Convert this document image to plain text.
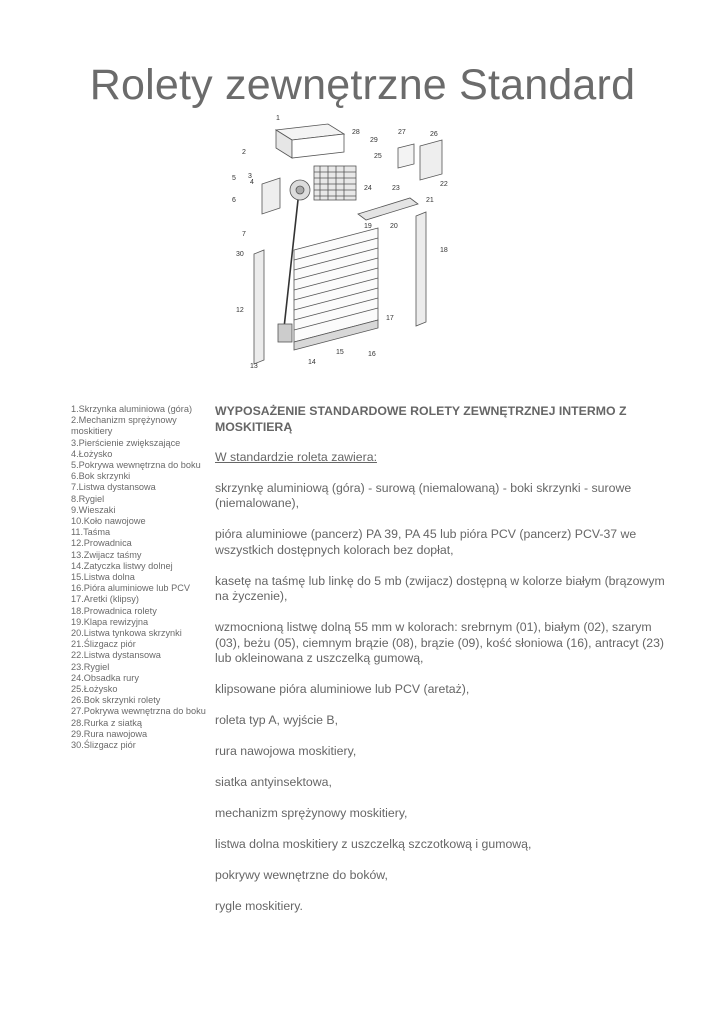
Rolety zewnętrzne Standard
1
2
3
4
5
6
7
30
12
13
14
15	16
17
18
19	20
21
22
23
24
25
26
27
28
29
1.Skrzynka aluminiowa (góra)
2.Mechanizm sprężynowy moskitiery
3.Pierścienie zwiększające
4.Łożysko
5.Pokrywa wewnętrzna do boku
6.Bok skrzynki
7.Listwa dystansowa
8.Rygiel
9.Wieszaki
10.Koło nawojowe
11.Taśma
12.Prowadnica
13.Zwijacz taśmy
14.Zatyczka listwy dolnej
15.Listwa dolna
16.Pióra aluminiowe lub PCV
17.Aretki (klipsy)
18.Prowadnica rolety
19.Klapa rewizyjna
20.Listwa tynkowa skrzynki
21.Ślizgacz piór
22.Listwa dystansowa
23.Rygiel
24.Obsadka rury
25.Łożysko
26.Bok skrzynki rolety
27.Pokrywa wewnętrzna do boku
28.Rurka z siatką
29.Rura nawojowa
30.Ślizgacz piór
WYPOSAŻENIE STANDARDOWE ROLETY ZEWNĘTRZNEJ INTERMO Z MOSKITIERĄ
W standardzie roleta zawiera:

skrzynkę aluminiową (góra) - surową (niemalowaną) - boki skrzynki - surowe (niemalowane),

pióra aluminiowe (pancerz) PA 39, PA 45 lub pióra PCV (pancerz) PCV-37 we wszystkich dostępnych kolorach bez dopłat,

kasetę na taśmę lub linkę do 5 mb (zwijacz) dostępną w kolorze białym (brązowym na życzenie),

wzmocnioną listwę dolną 55 mm w kolorach: srebrnym (01), białym (02), szarym (03), beżu (05), ciemnym brązie (08), brązie (09), kość słoniowa (16), antracyt (23) lub okleinowana z uszczelką gumową,

klipsowane pióra aluminiowe lub PCV (aretaż),

roleta typ A, wyjście B,

rura nawojowa moskitiery,

siatka antyinsektowa,

mechanizm sprężynowy moskitiery,

listwa dolna moskitiery z uszczelką szczotkową i gumową,

pokrywy wewnętrzne do boków,

rygle moskitiery.
